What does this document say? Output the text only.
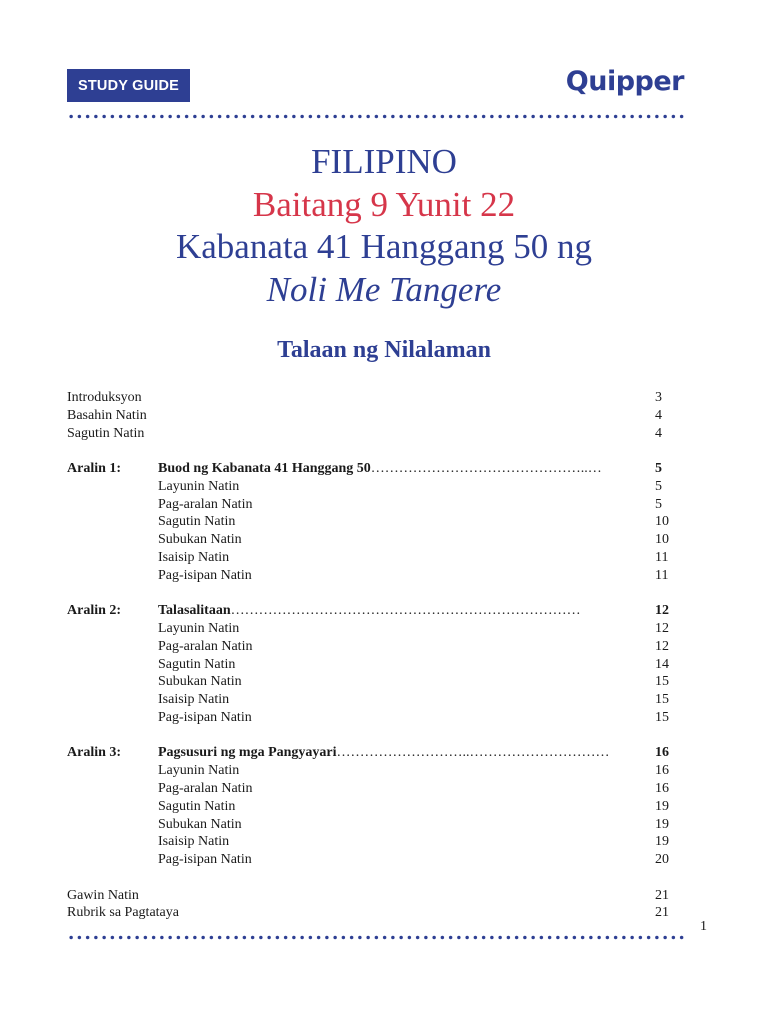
STUDY GUIDE	Quipper
FILIPINO
Baitang 9 Yunit 22
Kabanata 41 Hanggang 50 ng
Noli Me Tangere
Talaan ng Nilalaman
Introduksyon	3
Basahin Natin	4
Sagutin Natin	4
Aralin 1:	Buod ng Kabanata 41 Hanggang 50………………………………………..…	5
Layunin Natin	5
Pag-aralan Natin	5
Sagutin Natin	10
Subukan Natin	10
Isaisip Natin	11
Pag-isipan Natin	11
Aralin 2:	Talasalitaan…………………………………………………………………	12
Layunin Natin	12
Pag-aralan Natin	12
Sagutin Natin	14
Subukan Natin	15
Isaisip Natin	15
Pag-isipan Natin	15
Aralin 3:	Pagsusuri ng mga Pangyayari………………………..…………………………	16
Layunin Natin	16
Pag-aralan Natin	16
Sagutin Natin	19
Subukan Natin	19
Isaisip Natin	19
Pag-isipan Natin	20
Gawin Natin	21
Rubrik sa Pagtataya	21
1
